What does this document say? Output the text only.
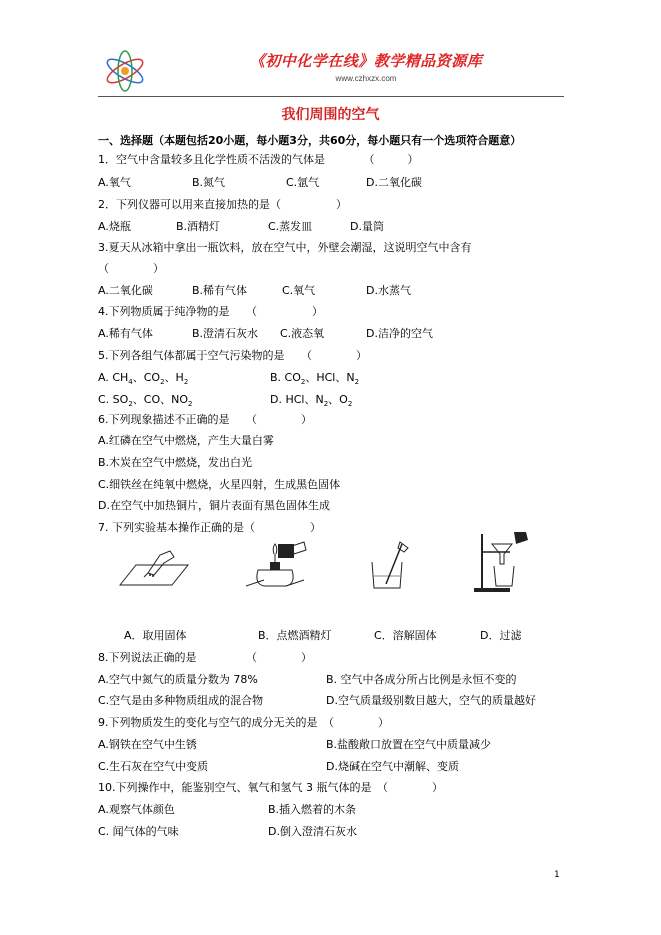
《初中化学在线》教学精品资源库
www.czhxzx.com
我们周围的空气
一、选择题（本题包括20小题，每小题3分，共60分，每小题只有一个选项符合题意）
1．空气中含量较多且化学性质不活泼的气体是　　　　（　　　）
A.氧气	B.氮气	C.氩气	D.二氧化碳
2．下列仪器可以用来直接加热的是（　　　　　）
A.烧瓶	B.酒精灯	C.蒸发皿	D.量筒
3.夏天从冰箱中拿出一瓶饮料，放在空气中，外壁会潮湿，这说明空气中含有
（　　　　）
A.二氧化碳	B.稀有气体	C.氧气	D.水蒸气
4.下列物质属于纯净物的是　　（　　　　　）
A.稀有气体	B.澄清石灰水 C.液态氧	D.洁净的空气
5.下列各组气体都属于空气污染物的是　　（　　　　）
A. $CH_4$、$CO_2$、$H_2$	B. $CO_2$、HCl、$N_2$
C. $SO_2$、CO、$NO_2$	D. HCl、$N_2$、$O_2$
6.下列现象描述不正确的是　　（　　　　）
A.红磷在空气中燃烧，产生大量白雾
B.木炭在空气中燃烧，发出白光
C.细铁丝在纯氧中燃烧，火星四射，生成黑色固体
D.在空气中加热铜片，铜片表面有黑色固体生成
7. 下列实验基本操作正确的是（　　　　　）
A．取用固体	B．点燃酒精灯	C．溶解固体	D．过滤
8.下列说法正确的是　　　　　（　　　　）
A.空气中氮气的质量分数为 78%	B. 空气中各成分所占比例是永恒不变的
C.空气是由多种物质组成的混合物	D.空气质量级别数目越大，空气的质量越好
9.下列物质发生的变化与空气的成分无关的是　（　　　　）
A.钢铁在空气中生锈	B.盐酸敞口放置在空气中质量减少
C.生石灰在空气中变质	D.烧碱在空气中潮解、变质
10.下列操作中，能鉴别空气、氧气和氢气 3 瓶气体的是　（　　　　）
A.观察气体颜色	B.插入燃着的木条
C. 闻气体的气味	D.倒入澄清石灰水
1
